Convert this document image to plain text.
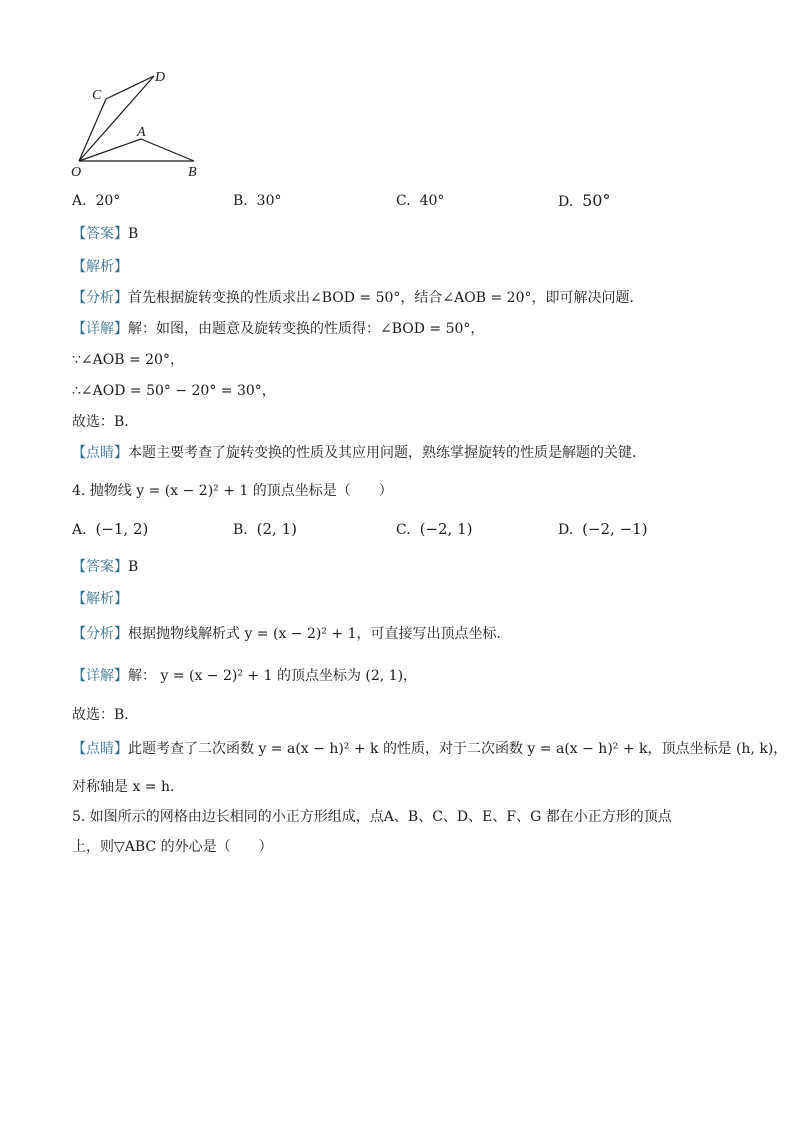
C
D
A
O	B
A. 20°	B. 30°	C. 40°	D. 50°
【答案】B
【解析】
【分析】首先根据旋转变换的性质求出∠BOD = 50°，结合∠AOB = 20°，即可解决问题．
【详解】解：如图，由题意及旋转变换的性质得：∠BOD = 50°，
∵∠AOB = 20°，
∴∠AOD = 50° − 20° = 30°，
故选：B．
【点睛】本题主要考查了旋转变换的性质及其应用问题，熟练掌握旋转的性质是解题的关键．
4. 抛物线 y = (x − 2)² + 1 的顶点坐标是（　　）
A. (−1, 2)	B. (2, 1)	C. (−2, 1)	D. (−2, −1)
【答案】B
【解析】
【分析】根据抛物线解析式 y = (x − 2)² + 1，可直接写出顶点坐标．
【详解】解： y = (x − 2)² + 1 的顶点坐标为 (2, 1)，
故选：B．
【点睛】此题考查了二次函数 y = a(x − h)² + k 的性质，对于二次函数 y = a(x − h)² + k，顶点坐标是 (h, k)，
对称轴是 x = h．
5. 如图所示的网格由边长相同的小正方形组成，点A、B、C、D、E、F、G 都在小正方形的顶点
上，则▽ABC 的外心是（　　）
